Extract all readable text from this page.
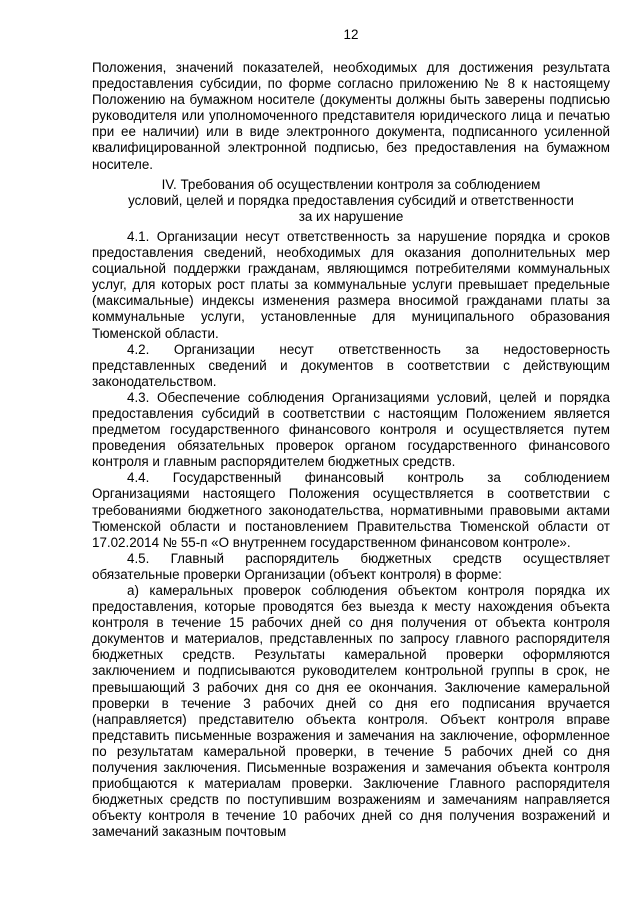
12

Положения, значений показателей, необходимых для достижения результата предоставления субсидии, по форме согласно приложению № 8 к настоящему Положению на бумажном носителе (документы должны быть заверены подписью руководителя или уполномоченного представителя юридического лица и печатью при ее наличии) или в виде электронного документа, подписанного усиленной квалифицированной электронной подписью, без предоставления на бумажном носителе.

IV. Требования об осуществлении контроля за соблюдением
условий, целей и порядка предоставления субсидий и ответственности
за их нарушение

4.1. Организации несут ответственность за нарушение порядка и сроков предоставления сведений, необходимых для оказания дополнительных мер социальной поддержки гражданам, являющимся потребителями коммунальных услуг, для которых рост платы за коммунальные услуги превышает предельные (максимальные) индексы изменения размера вносимой гражданами платы за коммунальные услуги, установленные для муниципального образования Тюменской области.

4.2. Организации несут ответственность за недостоверность представленных сведений и документов в соответствии с действующим законодательством.

4.3. Обеспечение соблюдения Организациями условий, целей и порядка предоставления субсидий в соответствии с настоящим Положением является предметом государственного финансового контроля и осуществляется путем проведения обязательных проверок органом государственного финансового контроля и главным распорядителем бюджетных средств.

4.4. Государственный финансовый контроль за соблюдением Организациями настоящего Положения осуществляется в соответствии с требованиями бюджетного законодательства, нормативными правовыми актами Тюменской области и постановлением Правительства Тюменской области от 17.02.2014 № 55-п «О внутреннем государственном финансовом контроле».

4.5. Главный распорядитель бюджетных средств осуществляет обязательные проверки Организации (объект контроля) в форме:

а) камеральных проверок соблюдения объектом контроля порядка их предоставления, которые проводятся без выезда к месту нахождения объекта контроля в течение 15 рабочих дней со дня получения от объекта контроля документов и материалов, представленных по запросу главного распорядителя бюджетных средств. Результаты камеральной проверки оформляются заключением и подписываются руководителем контрольной группы в срок, не превышающий 3 рабочих дня со дня ее окончания. Заключение камеральной проверки в течение 3 рабочих дней со дня его подписания вручается (направляется) представителю объекта контроля. Объект контроля вправе представить письменные возражения и замечания на заключение, оформленное по результатам камеральной проверки, в течение 5 рабочих дней со дня получения заключения. Письменные возражения и замечания объекта контроля приобщаются к материалам проверки. Заключение Главного распорядителя бюджетных средств по поступившим возражениям и замечаниям направляется объекту контроля в течение 10 рабочих дней со дня получения возражений и замечаний заказным почтовым
